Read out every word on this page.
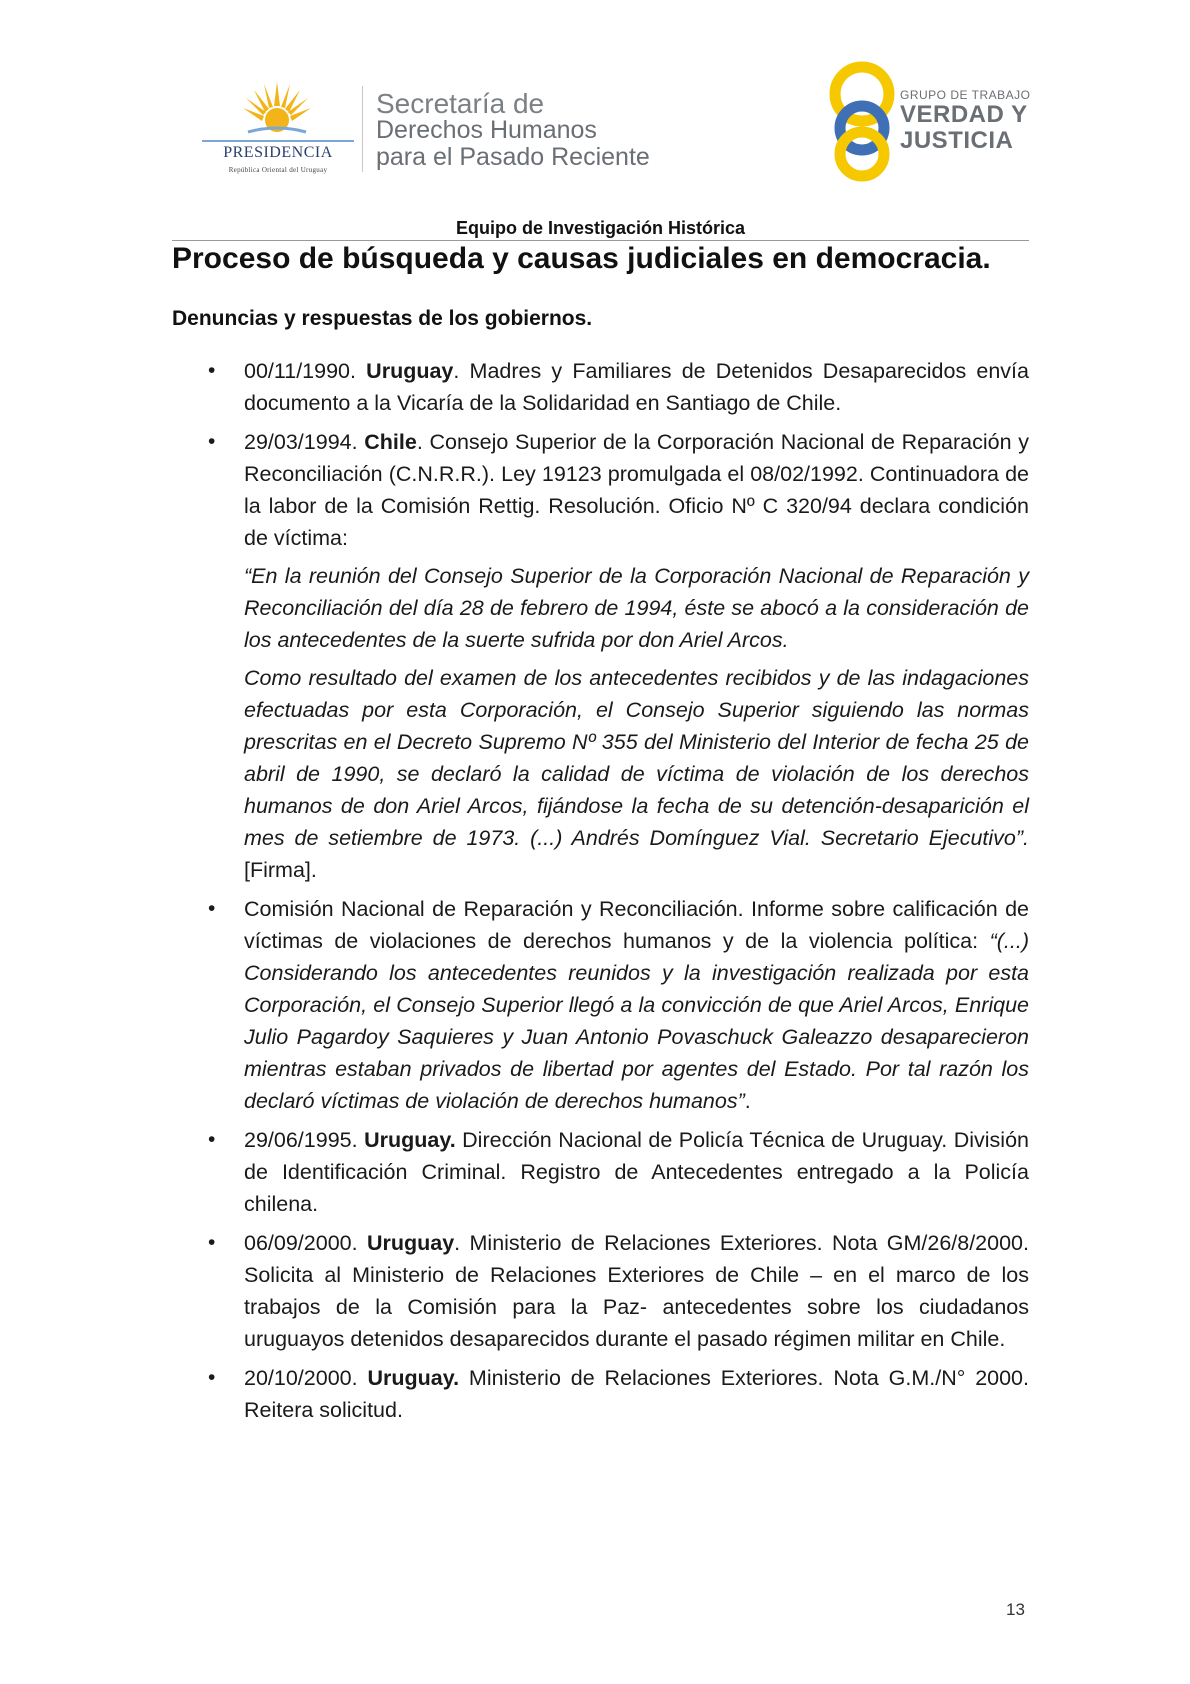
PRESIDENCIA
República Oriental del Uruguay
Secretaría de
Derechos Humanos
para el Pasado Reciente
GRUPO DE TRABAJO
VERDAD Y
JUSTICIA
Equipo de Investigación Histórica
Proceso de búsqueda y causas judiciales en democracia.
Denuncias y respuestas de los gobiernos.
• 00/11/1990. Uruguay. Madres y Familiares de Detenidos Desaparecidos envía documento a la Vicaría de la Solidaridad en Santiago de Chile.
• 29/03/1994. Chile. Consejo Superior de la Corporación Nacional de Reparación y Reconciliación (C.N.R.R.). Ley 19123 promulgada el 08/02/1992. Continuadora de la labor de la Comisión Rettig. Resolución. Oficio Nº C 320/94 declara condición de víctima:
“En la reunión del Consejo Superior de la Corporación Nacional de Reparación y Reconciliación del día 28 de febrero de 1994, éste se abocó a la consideración de los antecedentes de la suerte sufrida por don Ariel Arcos.
Como resultado del examen de los antecedentes recibidos y de las indagaciones efectuadas por esta Corporación, el Consejo Superior siguiendo las normas prescritas en el Decreto Supremo Nº 355 del Ministerio del Interior de fecha 25 de abril de 1990, se declaró la calidad de víctima de violación de los derechos humanos de don Ariel Arcos, fijándose la fecha de su detención-desaparición el mes de setiembre de 1973. (...) Andrés Domínguez Vial. Secretario Ejecutivo”. [Firma].
• Comisión Nacional de Reparación y Reconciliación. Informe sobre calificación de víctimas de violaciones de derechos humanos y de la violencia política: “(...) Considerando los antecedentes reunidos y la investigación realizada por esta Corporación, el Consejo Superior llegó a la convicción de que Ariel Arcos, Enrique Julio Pagardoy Saquieres y Juan Antonio Povaschuck Galeazzo desaparecieron mientras estaban privados de libertad por agentes del Estado. Por tal razón los declaró víctimas de violación de derechos humanos”.
• 29/06/1995. Uruguay. Dirección Nacional de Policía Técnica de Uruguay. División de Identificación Criminal. Registro de Antecedentes entregado a la Policía chilena.
• 06/09/2000. Uruguay. Ministerio de Relaciones Exteriores. Nota GM/26/8/2000. Solicita al Ministerio de Relaciones Exteriores de Chile – en el marco de los trabajos de la Comisión para la Paz- antecedentes sobre los ciudadanos uruguayos detenidos desaparecidos durante el pasado régimen militar en Chile.
• 20/10/2000. Uruguay. Ministerio de Relaciones Exteriores. Nota G.M./N° 2000. Reitera solicitud.
13
